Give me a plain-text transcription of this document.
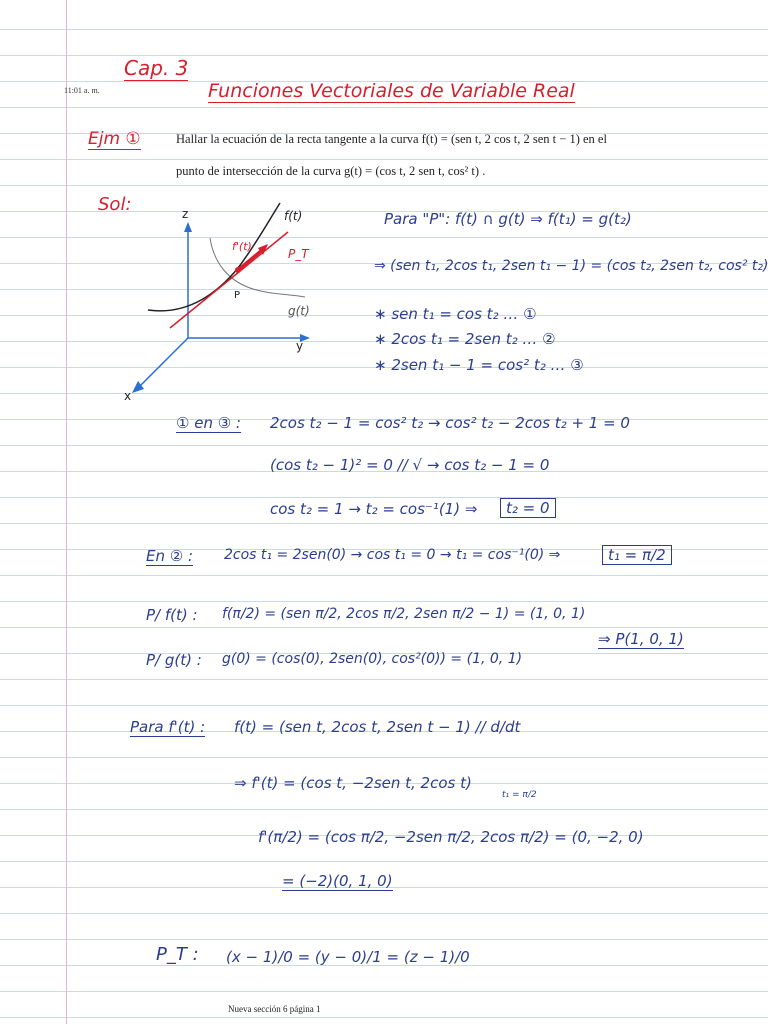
11:01 a. m.
Cap. 3
Funciones Vectoriales de Variable Real
Ejm ①	Hallar la ecuación de la recta tangente a la curva f(t) = (sen t, 2 cos t, 2 sen t − 1) en el
punto de intersección de la curva g(t) = (cos t, 2 sen t, cos² t) .
Sol:	z
y
x
f(t)
f'(t)
P_T
P
g(t)
Para "P": f(t) ∩ g(t) ⇒ f(t₁) = g(t₂)
⇒ (sen t₁, 2cos t₁, 2sen t₁ − 1) = (cos t₂, 2sen t₂, cos² t₂)
∗ sen t₁ = cos t₂ … ①
∗ 2cos t₁ = 2sen t₂ … ②
∗ 2sen t₁ − 1 = cos² t₂ … ③
① en ③ : 2cos t₂ − 1 = cos² t₂ → cos² t₂ − 2cos t₂ + 1 = 0
(cos t₂ − 1)² = 0 // √ → cos t₂ − 1 = 0
cos t₂ = 1 → t₂ = cos⁻¹(1) ⇒	t₂ = 0
En ② : 2cos t₁ = 2sen(0) → cos t₁ = 0 → t₁ = cos⁻¹(0) ⇒	t₁ = π/2
P/ f(t) : f(π/2) = (sen π/2, 2cos π/2, 2sen π/2 − 1) = (1, 0, 1)
P/ g(t) : g(0) = (cos(0), 2sen(0), cos²(0)) = (1, 0, 1)
⇒ P(1, 0, 1)
Para f'(t) : f(t) = (sen t, 2cos t, 2sen t − 1) // d/dt
⇒ f'(t) = (cos t, −2sen t, 2cos t)
t₁ = π/2
f'(π/2) = (cos π/2, −2sen π/2, 2cos π/2) = (0, −2, 0)
= (−2)(0, 1, 0)
P_T : (x − 1)/0 = (y − 0)/1 = (z − 1)/0
Nueva sección 6 página 1
